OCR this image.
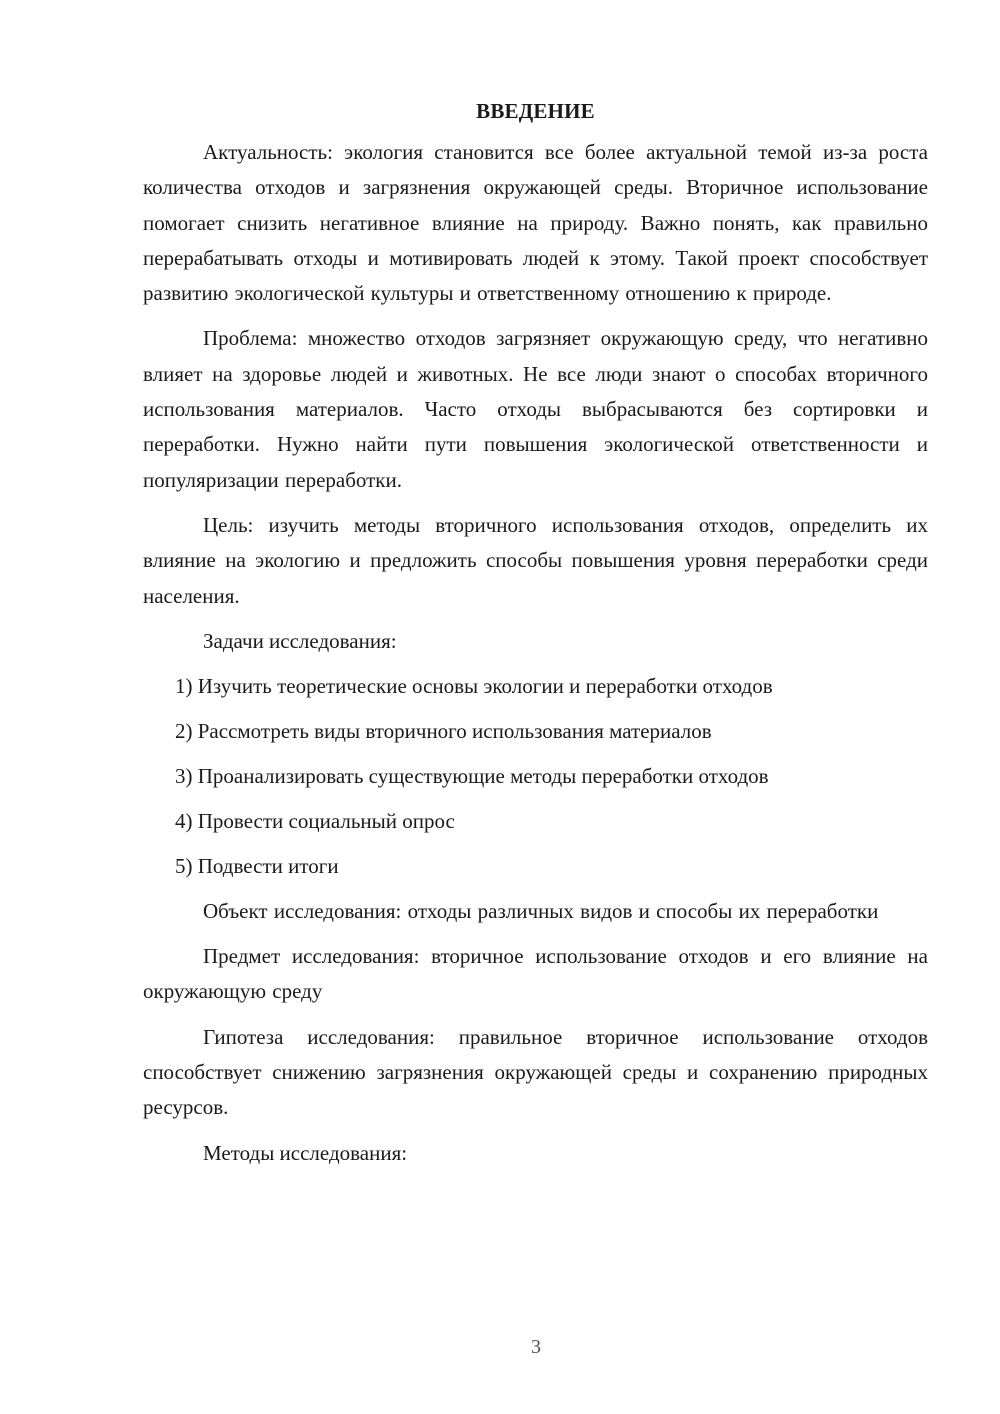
ВВЕДЕНИЕ

Актуальность: экология становится все более актуальной темой из-за роста количества отходов и загрязнения окружающей среды. Вторичное использование помогает снизить негативное влияние на природу. Важно понять, как правильно перерабатывать отходы и мотивировать людей к этому. Такой проект способствует развитию экологической культуры и ответственному отношению к природе.

Проблема: множество отходов загрязняет окружающую среду, что негативно влияет на здоровье людей и животных. Не все люди знают о способах вторичного использования материалов. Часто отходы выбрасываются без сортировки и переработки. Нужно найти пути повышения экологической ответственности и популяризации переработки.

Цель: изучить методы вторичного использования отходов, определить их влияние на экологию и предложить способы повышения уровня переработки среди населения.

Задачи исследования:

1) Изучить теоретические основы экологии и переработки отходов
2) Рассмотреть виды вторичного использования материалов
3) Проанализировать существующие методы переработки отходов
4) Провести социальный опрос
5) Подвести итоги

Объект исследования: отходы различных видов и способы их переработки

Предмет исследования: вторичное использование отходов и его влияние на окружающую среду

Гипотеза исследования: правильное вторичное использование отходов способствует снижению загрязнения окружающей среды и сохранению природных ресурсов.

Методы исследования:

3
